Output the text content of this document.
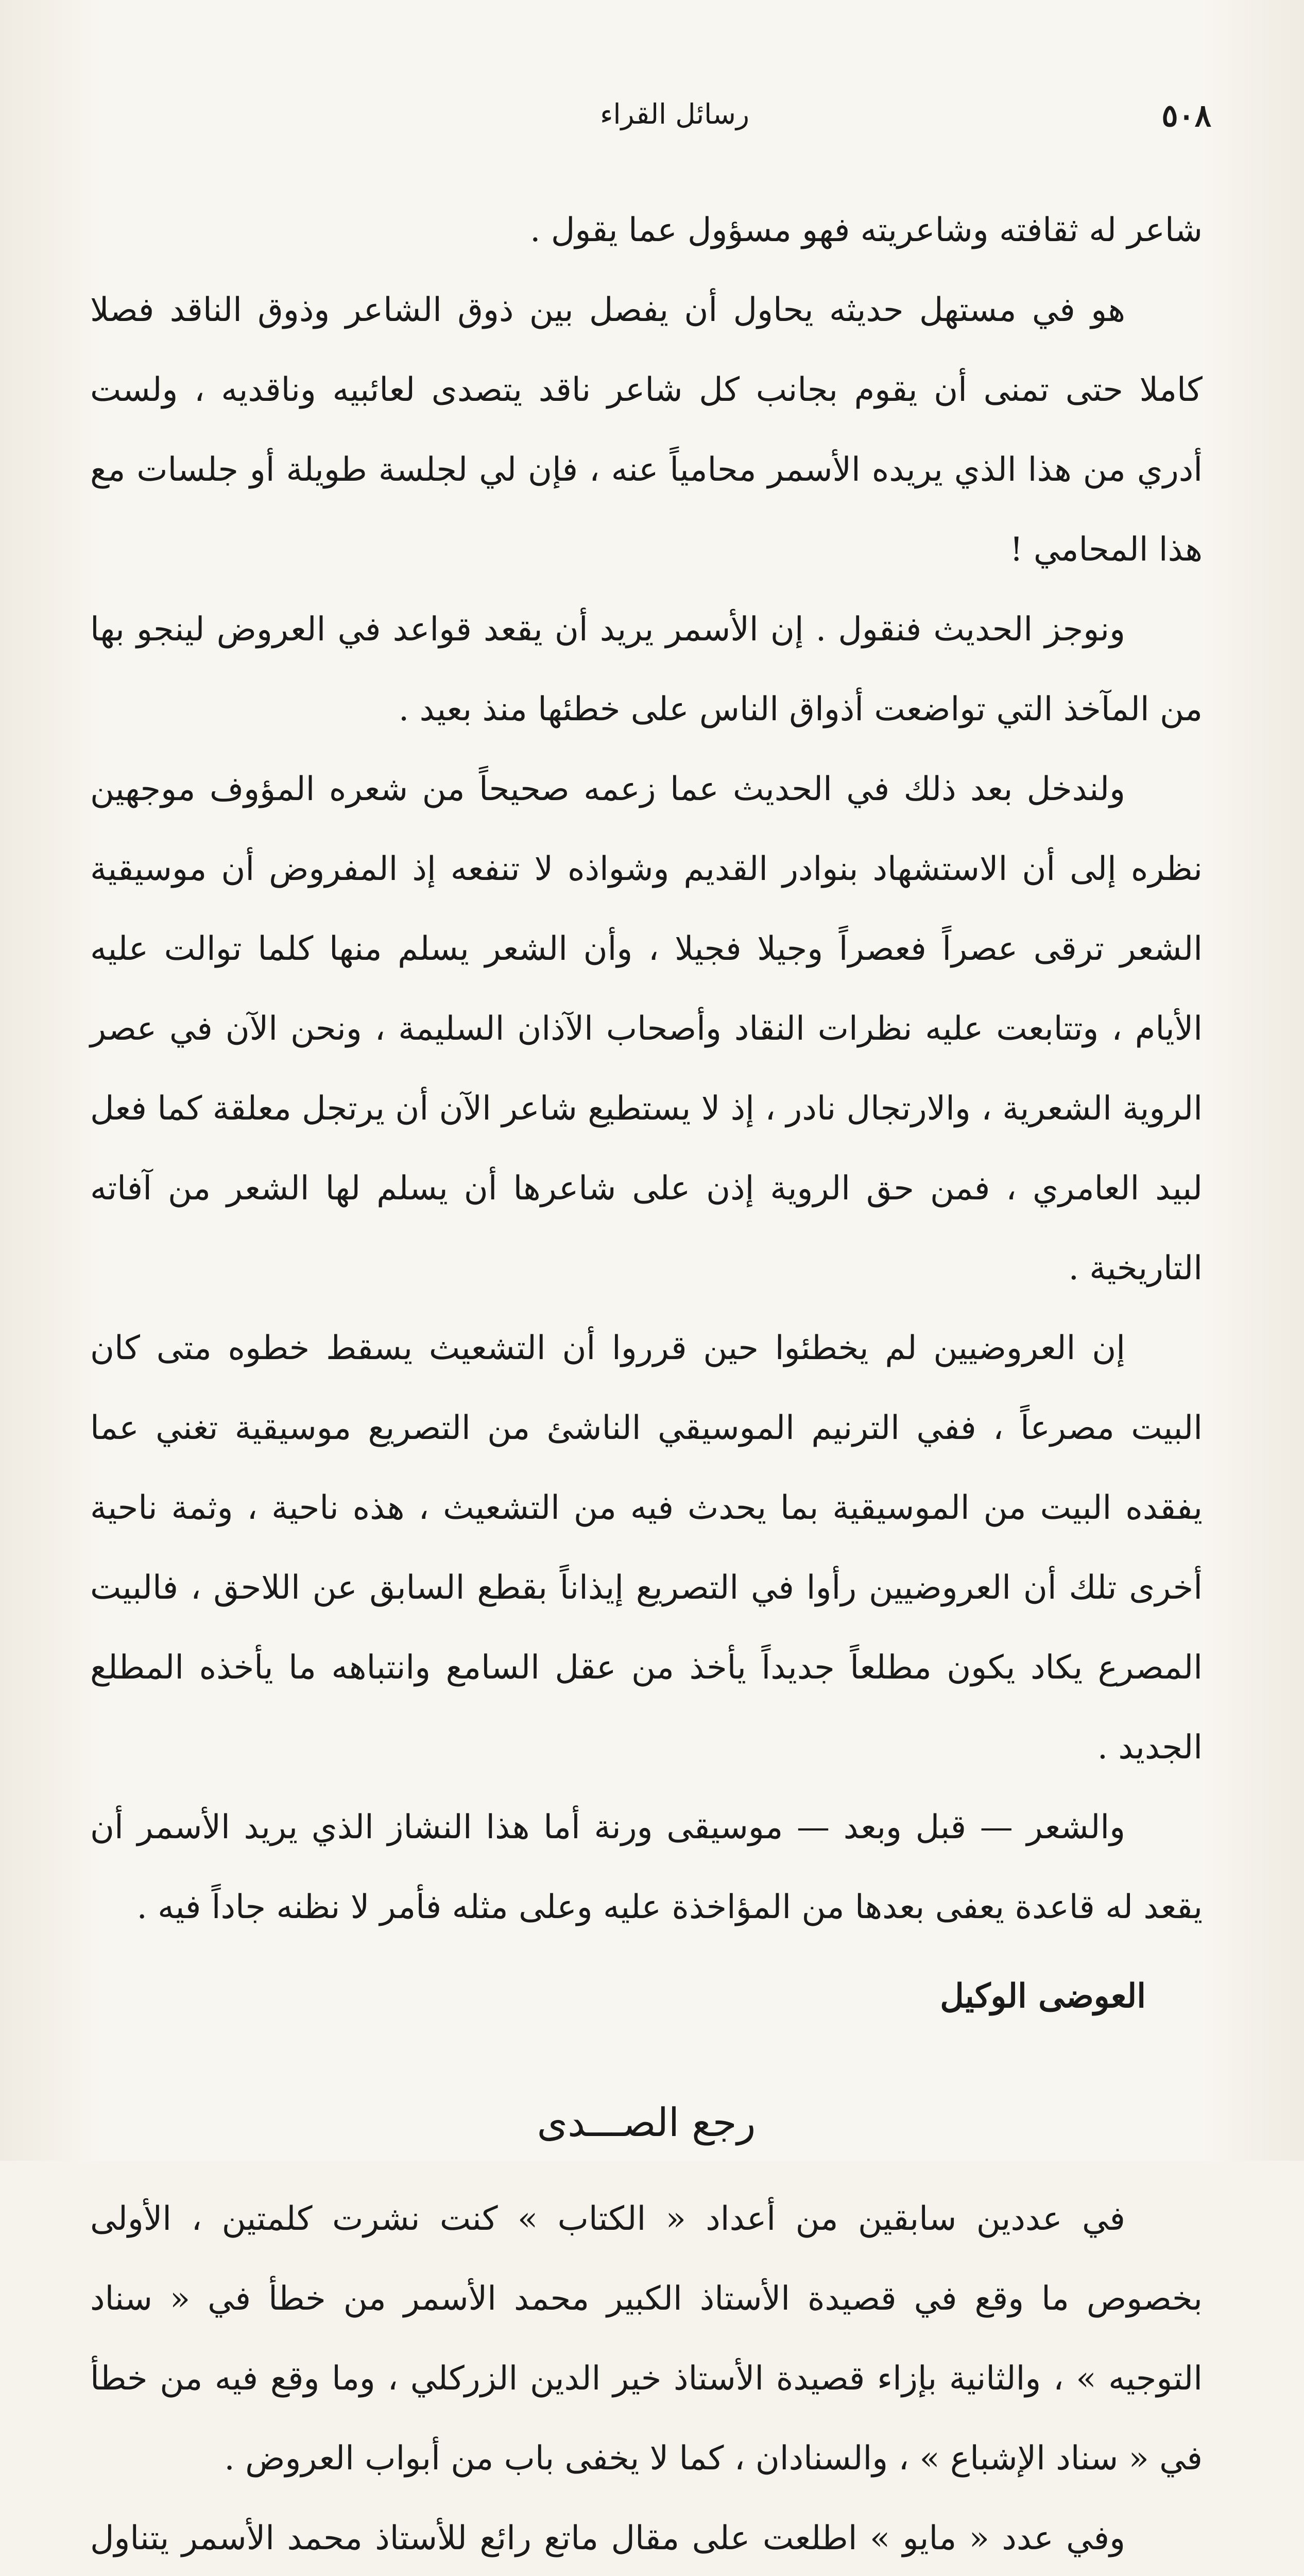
٥٠٨
رسائل القراء

شاعر له ثقافته وشاعريته فهو مسؤول عما يقول .

هو في مستهل حديثه يحاول أن يفصل بين ذوق الشاعر وذوق الناقد فصلا كاملا حتى تمنى أن يقوم بجانب كل شاعر ناقد يتصدى لعائبيه وناقديه ، ولست أدري من هذا الذي يريده الأسمر محامياً عنه ، فإن لي لجلسة طويلة أو جلسات مع هذا المحامي !

ونوجز الحديث فنقول . إن الأسمر يريد أن يقعد قواعد في العروض لينجو بها من المآخذ التي تواضعت أذواق الناس على خطئها منذ بعيد .

ولندخل بعد ذلك في الحديث عما زعمه صحيحاً من شعره المؤوف موجهين نظره إلى أن الاستشهاد بنوادر القديم وشواذه لا تنفعه إذ المفروض أن موسيقية الشعر ترقى عصراً فعصراً وجيلا فجيلا ، وأن الشعر يسلم منها كلما توالت عليه الأيام ، وتتابعت عليه نظرات النقاد وأصحاب الآذان السليمة ، ونحن الآن في عصر الروية الشعرية ، والارتجال نادر ، إذ لا يستطيع شاعر الآن أن يرتجل معلقة كما فعل لبيد العامري ، فمن حق الروية إذن على شاعرها أن يسلم لها الشعر من آفاته التاريخية .

إن العروضيين لم يخطئوا حين قرروا أن التشعيث يسقط خطوه متى كان البيت مصرعاً ، ففي الترنيم الموسيقي الناشئ من التصريع موسيقية تغني عما يفقده البيت من الموسيقية بما يحدث فيه من التشعيث ، هذه ناحية ، وثمة ناحية أخرى تلك أن العروضيين رأوا في التصريع إيذاناً بقطع السابق عن اللاحق ، فالبيت المصرع يكاد يكون مطلعاً جديداً يأخذ من عقل السامع وانتباهه ما يأخذه المطلع الجديد .

والشعر — قبل وبعد — موسيقى ورنة أما هذا النشاز الذي يريد الأسمر أن يقعد له قاعدة يعفى بعدها من المؤاخذة عليه وعلى مثله فأمر لا نظنه جاداً فيه .

العوضى الوكيل
رجع الصـــدى

في عددين سابقين من أعداد « الكتاب » كنت نشرت كلمتين ، الأولى بخصوص ما وقع في قصيدة الأستاذ الكبير محمد الأسمر من خطأ في « سناد التوجيه » ، والثانية بإزاء قصيدة الأستاذ خير الدين الزركلي ، وما وقع فيه من خطأ في « سناد الإشباع » ، والسنادان ، كما لا يخفى باب من أبواب العروض .

وفي عدد « مايو » اطلعت على مقال ماتع رائع للأستاذ محمد الأسمر يتناول
